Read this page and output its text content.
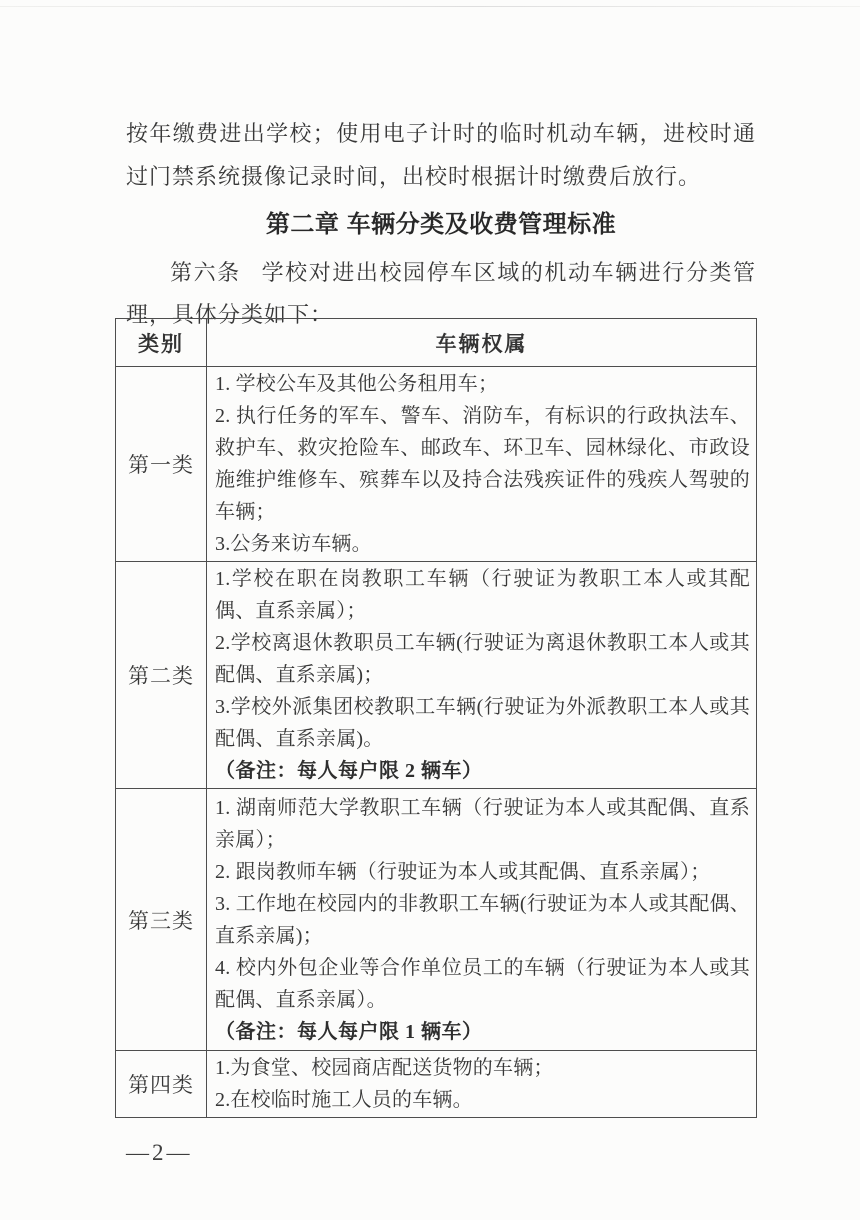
按年缴费进出学校；使用电子计时的临时机动车辆，进校时通过门禁系统摄像记录时间，出校时根据计时缴费后放行。

第二章 车辆分类及收费管理标准

第六条 学校对进出校园停车区域的机动车辆进行分类管理，具体分类如下：

类别	车辆权属
第一类	1. 学校公车及其他公务租用车；

2. 执行任务的军车、警车、消防车，有标识的行政执法车、救护车、救灾抢险车、邮政车、环卫车、园林绿化、市政设施维护维修车、殡葬车以及持合法残疾证件的残疾人驾驶的车辆；

3.公务来访车辆。

第二类	1.学校在职在岗教职工车辆（行驶证为教职工本人或其配偶、直系亲属）；

2.学校离退休教职员工车辆(行驶证为离退休教职工本人或其配偶、直系亲属)；

3.学校外派集团校教职工车辆(行驶证为外派教职工本人或其配偶、直系亲属)。

（备注：每人每户限 2 辆车）

第三类	1. 湖南师范大学教职工车辆（行驶证为本人或其配偶、直系亲属）；

2. 跟岗教师车辆（行驶证为本人或其配偶、直系亲属）；

3. 工作地在校园内的非教职工车辆(行驶证为本人或其配偶、直系亲属)；

4. 校内外包企业等合作单位员工的车辆（行驶证为本人或其配偶、直系亲属）。

（备注：每人每户限 1 辆车）

第四类	1.为食堂、校园商店配送货物的车辆；

2.在校临时施工人员的车辆。

—2—
